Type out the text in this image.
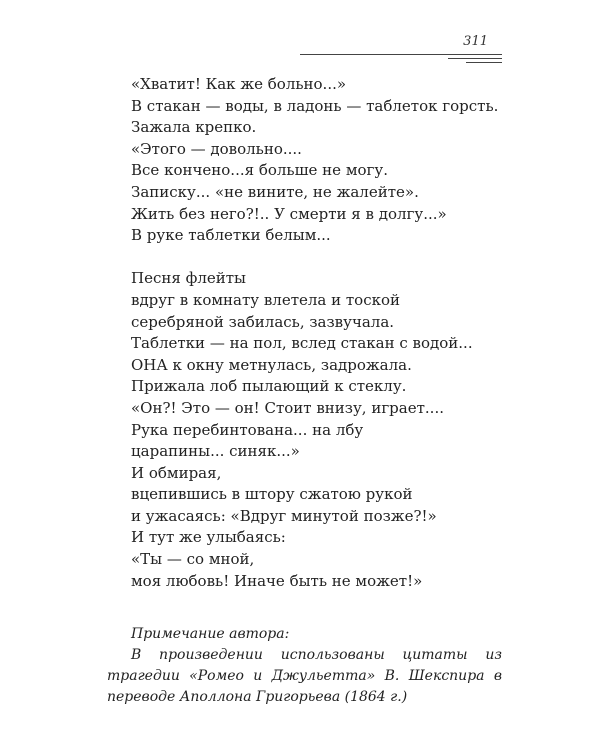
311
«Хватит! Как же больно...»
В стакан — воды, в ладонь — таблеток горсть.
Зажала крепко.
«Этого — довольно....
Все кончено...я больше не могу.
Записку... «не вините, не жалейте».
Жить без него?!.. У смерти я в долгу...»
В руке таблетки белым...
Песня флейты
вдруг в комнату влетела и тоской
серебряной забилась, зазвучала.
Таблетки — на пол, вслед стакан с водой...
ОНА к окну метнулась, задрожала.
Прижала лоб пылающий к стеклу.
«Он?! Это — он! Стоит внизу, играет....
Рука перебинтована... на лбу
царапины... синяк...»
И обмирая,
вцепившись в штору сжатою рукой
и ужасаясь: «Вдруг минутой позже?!»
И тут же улыбаясь:
«Ты — со мной,
моя любовь! Иначе быть не может!»
Примечание автора:
В произведении использованы цитаты из трагедии «Ромео и Джульетта» В. Шекспира в переводе Аполлона Григорьева (1864 г.)
